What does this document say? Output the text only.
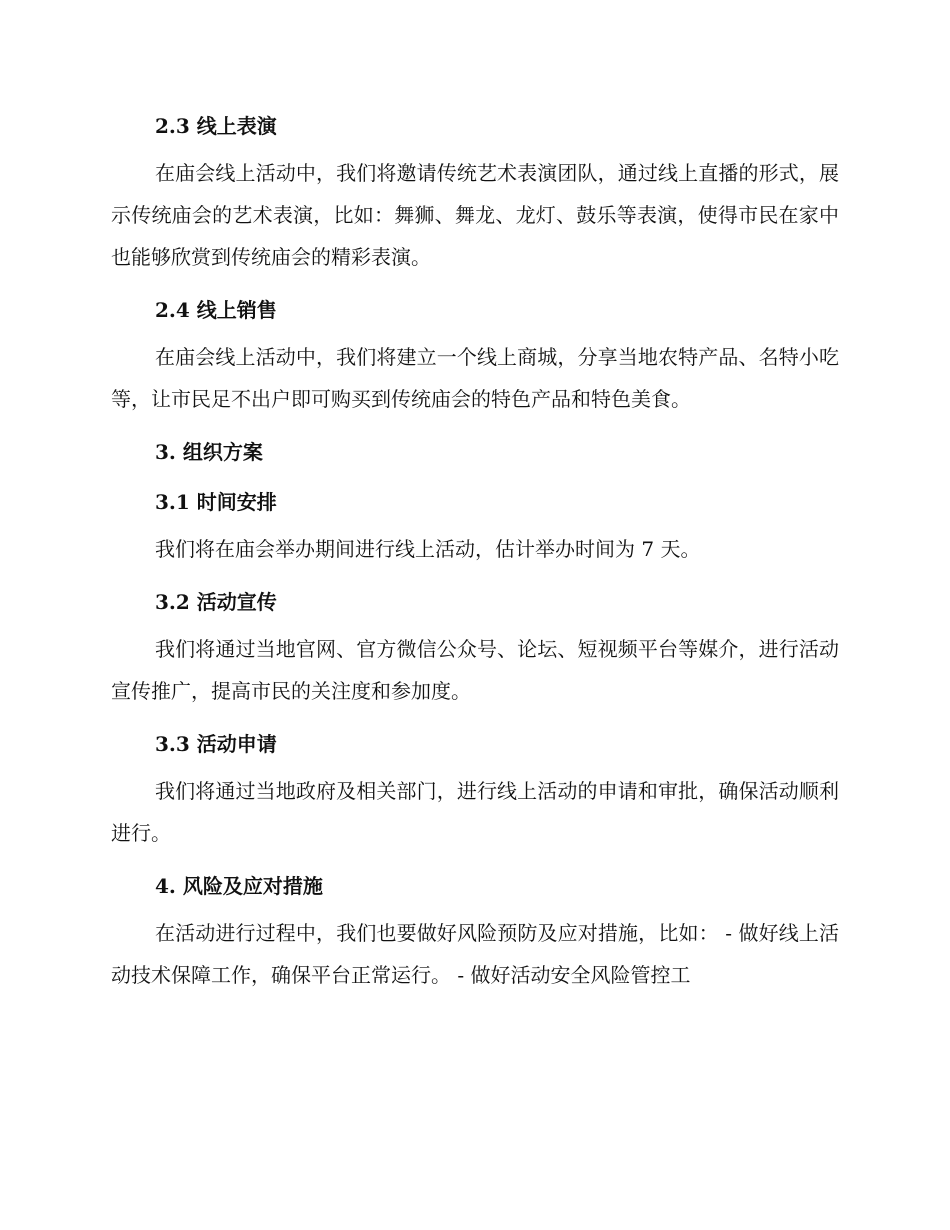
2.3 线上表演

在庙会线上活动中，我们将邀请传统艺术表演团队，通过线上直播的形式，展示传统庙会的艺术表演，比如：舞狮、舞龙、龙灯、鼓乐等表演，使得市民在家中也能够欣赏到传统庙会的精彩表演。

2.4 线上销售

在庙会线上活动中，我们将建立一个线上商城，分享当地农特产品、名特小吃等，让市民足不出户即可购买到传统庙会的特色产品和特色美食。

3. 组织方案
3.1 时间安排

我们将在庙会举办期间进行线上活动，估计举办时间为 7 天。

3.2 活动宣传

我们将通过当地官网、官方微信公众号、论坛、短视频平台等媒介，进行活动宣传推广，提高市民的关注度和参加度。

3.3 活动申请

我们将通过当地政府及相关部门，进行线上活动的申请和审批，确保活动顺利进行。

4. 风险及应对措施

在活动进行过程中，我们也要做好风险预防及应对措施，比如： - 做好线上活动技术保障工作，确保平台正常运行。 - 做好活动安全风险管控工
